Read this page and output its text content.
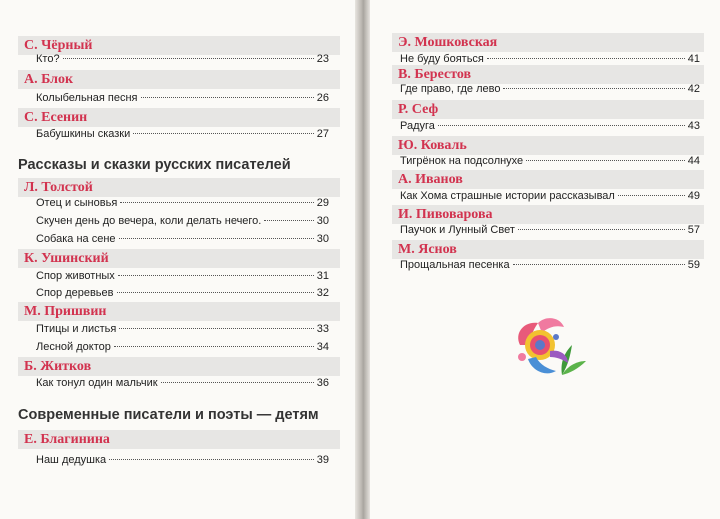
С. Чёрный
Кто?	23
А. Блок
Колыбельная песня	26
С. Есенин
Бабушкины сказки	27
Рассказы и сказки русских писателей
Л. Толстой
Отец и сыновья	29
Скучен день до вечера, коли делать нечего.	30
Собака на сене	30
К. Ушинский
Спор животных	31
Спор деревьев	32
М. Пришвин
Птицы и листья	33
Лесной доктор	34
Б. Житков
Как тонул один мальчик	36
Современные писатели и поэты — детям
Е. Благинина
Наш дедушка	39
Э. Мошковская
Не буду бояться	41
В. Берестов
Где право, где лево	42
Р. Сеф
Радуга	43
Ю. Коваль
Тигрёнок на подсолнухе	44
А. Иванов
Как Хома страшные истории рассказывал	49
И. Пивоварова
Паучок и Лунный Свет	57
М. Яснов
Прощальная песенка	59
